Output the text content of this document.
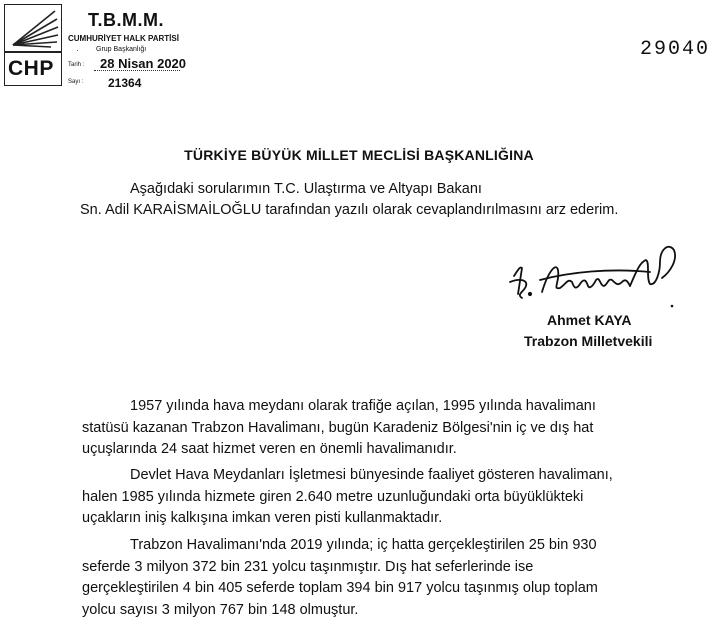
CHP
T.B.M.M.
CUMHURİYET HALK PARTİSİ
· Grup Başkanlığı
Tarih : 28 Nisan 2020
Sayı : 21364
29040
TÜRKİYE BÜYÜK MİLLET MECLİSİ BAŞKANLIĞINA
Aşağıdaki sorularımın T.C. Ulaştırma ve Altyapı Bakanı
Sn. Adil KARAİSMAİLOĞLU tarafından yazılı olarak cevaplandırılmasını arz ederim.
Ahmet KAYA
Trabzon Milletvekili
1957 yılında hava meydanı olarak trafiğe açılan, 1995 yılında havalimanı
statüsü kazanan Trabzon Havalimanı, bugün Karadeniz Bölgesi'nin iç ve dış hat
uçuşlarında 24 saat hizmet veren en önemli havalimanıdır.
Devlet Hava Meydanları İşletmesi bünyesinde faaliyet gösteren havalimanı,
halen 1985 yılında hizmete giren 2.640 metre uzunluğundaki orta büyüklükteki
uçakların iniş kalkışına imkan veren pisti kullanmaktadır.
Trabzon Havalimanı'nda 2019 yılında; iç hatta gerçekleştirilen 25 bin 930
seferde 3 milyon 372 bin 231 yolcu taşınmıştır. Dış hat seferlerinde ise
gerçekleştirilen 4 bin 405 seferde toplam 394 bin 917 yolcu taşınmış olup toplam
yolcu sayısı 3 milyon 767 bin 148 olmuştur.
